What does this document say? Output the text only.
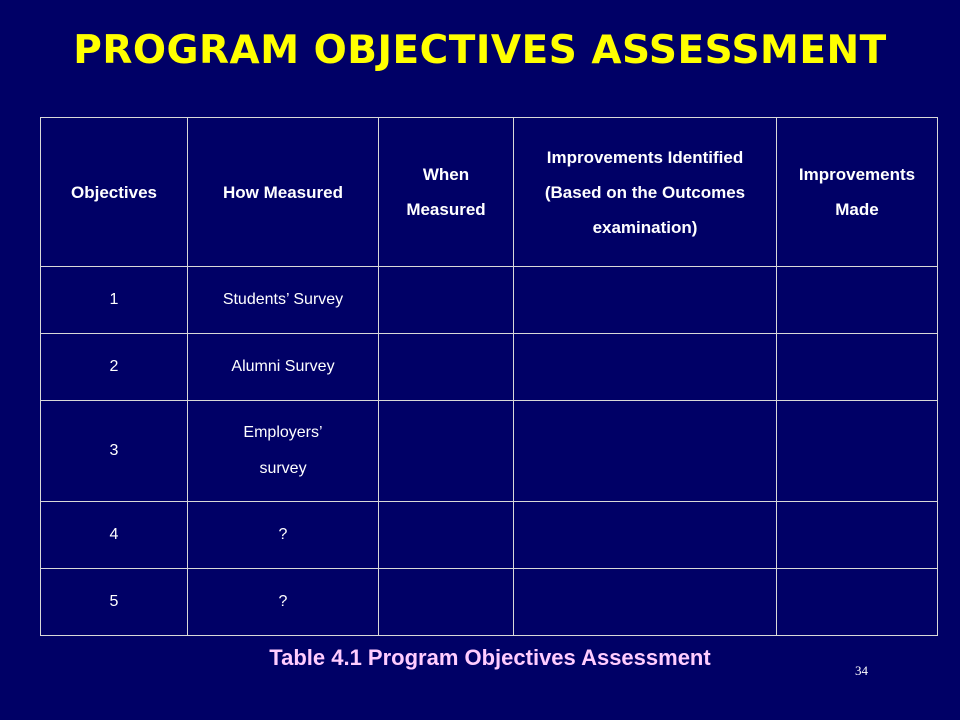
PROGRAM OBJECTIVES ASSESSMENT
Objectives	How Measured	When Measured	Improvements Identified (Based on the Outcomes examination)	Improvements Made
1	Students’ Survey			
2	Alumni Survey			
3	Employers’ survey			
4	?			
5	?			
Table 4.1 Program Objectives Assessment
34
